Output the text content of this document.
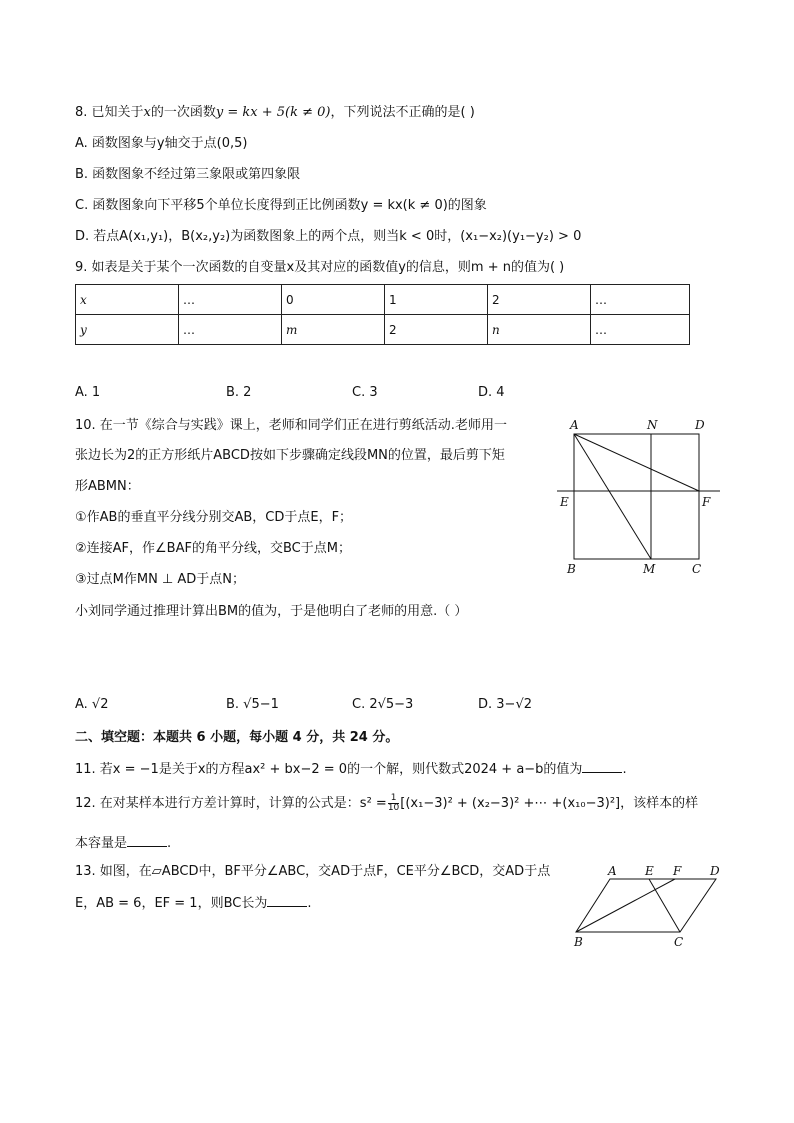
8. 已知关于x的一次函数y = kx + 5(k ≠ 0)，下列说法不正确的是( )
A. 函数图象与y轴交于点(0,5)
B. 函数图象不经过第三象限或第四象限
C. 函数图象向下平移5个单位长度得到正比例函数y = kx(k ≠ 0)的图象
D. 若点A(x₁,y₁)，B(x₂,y₂)为函数图象上的两个点，则当k < 0时，(x₁−x₂)(y₁−y₂) > 0
9. 如表是关于某个一次函数的自变量x及其对应的函数值y的信息，则m + n的值为( )
x	…	0	1	2	…
y	…	m	2	n	…
A. 1	B. 2	C. 3	D. 4
10. 在一节《综合与实践》课上，老师和同学们正在进行剪纸活动.老师用一
张边长为2的正方形纸片ABCD按如下步骤确定线段MN的位置，最后剪下矩
形ABMN：
①作AB的垂直平分线分别交AB，CD于点E，F；
②连接AF，作∠BAF的角平分线，交BC于点M；
③过点M作MN ⊥ AD于点N；
小刘同学通过推理计算出BM的值为，于是他明白了老师的用意.（ ）
A	N	D
E	F
B	M	C
A. √2	B. √5−1	C. 2√5−3	D. 3−√2
二、填空题：本题共 6 小题，每小题 4 分，共 24 分。
11. 若x = −1是关于x的方程ax² + bx−2 = 0的一个解，则代数式2024 + a−b的值为	.
12. 在对某样本进行方差计算时，计算的公式是：$s^2 = \frac{1}{10} [(x_1-3)^2 + (x_2-3)^2$ +⋯ +(x₁₀−3)²]，该样本的样
本容量是	.
13. 如图，在▱ABCD中，BF平分∠ABC，交AD于点F，CE平分∠BCD，交AD于点
E，AB = 6，EF = 1，则BC长为	.
A E F D
B	C
